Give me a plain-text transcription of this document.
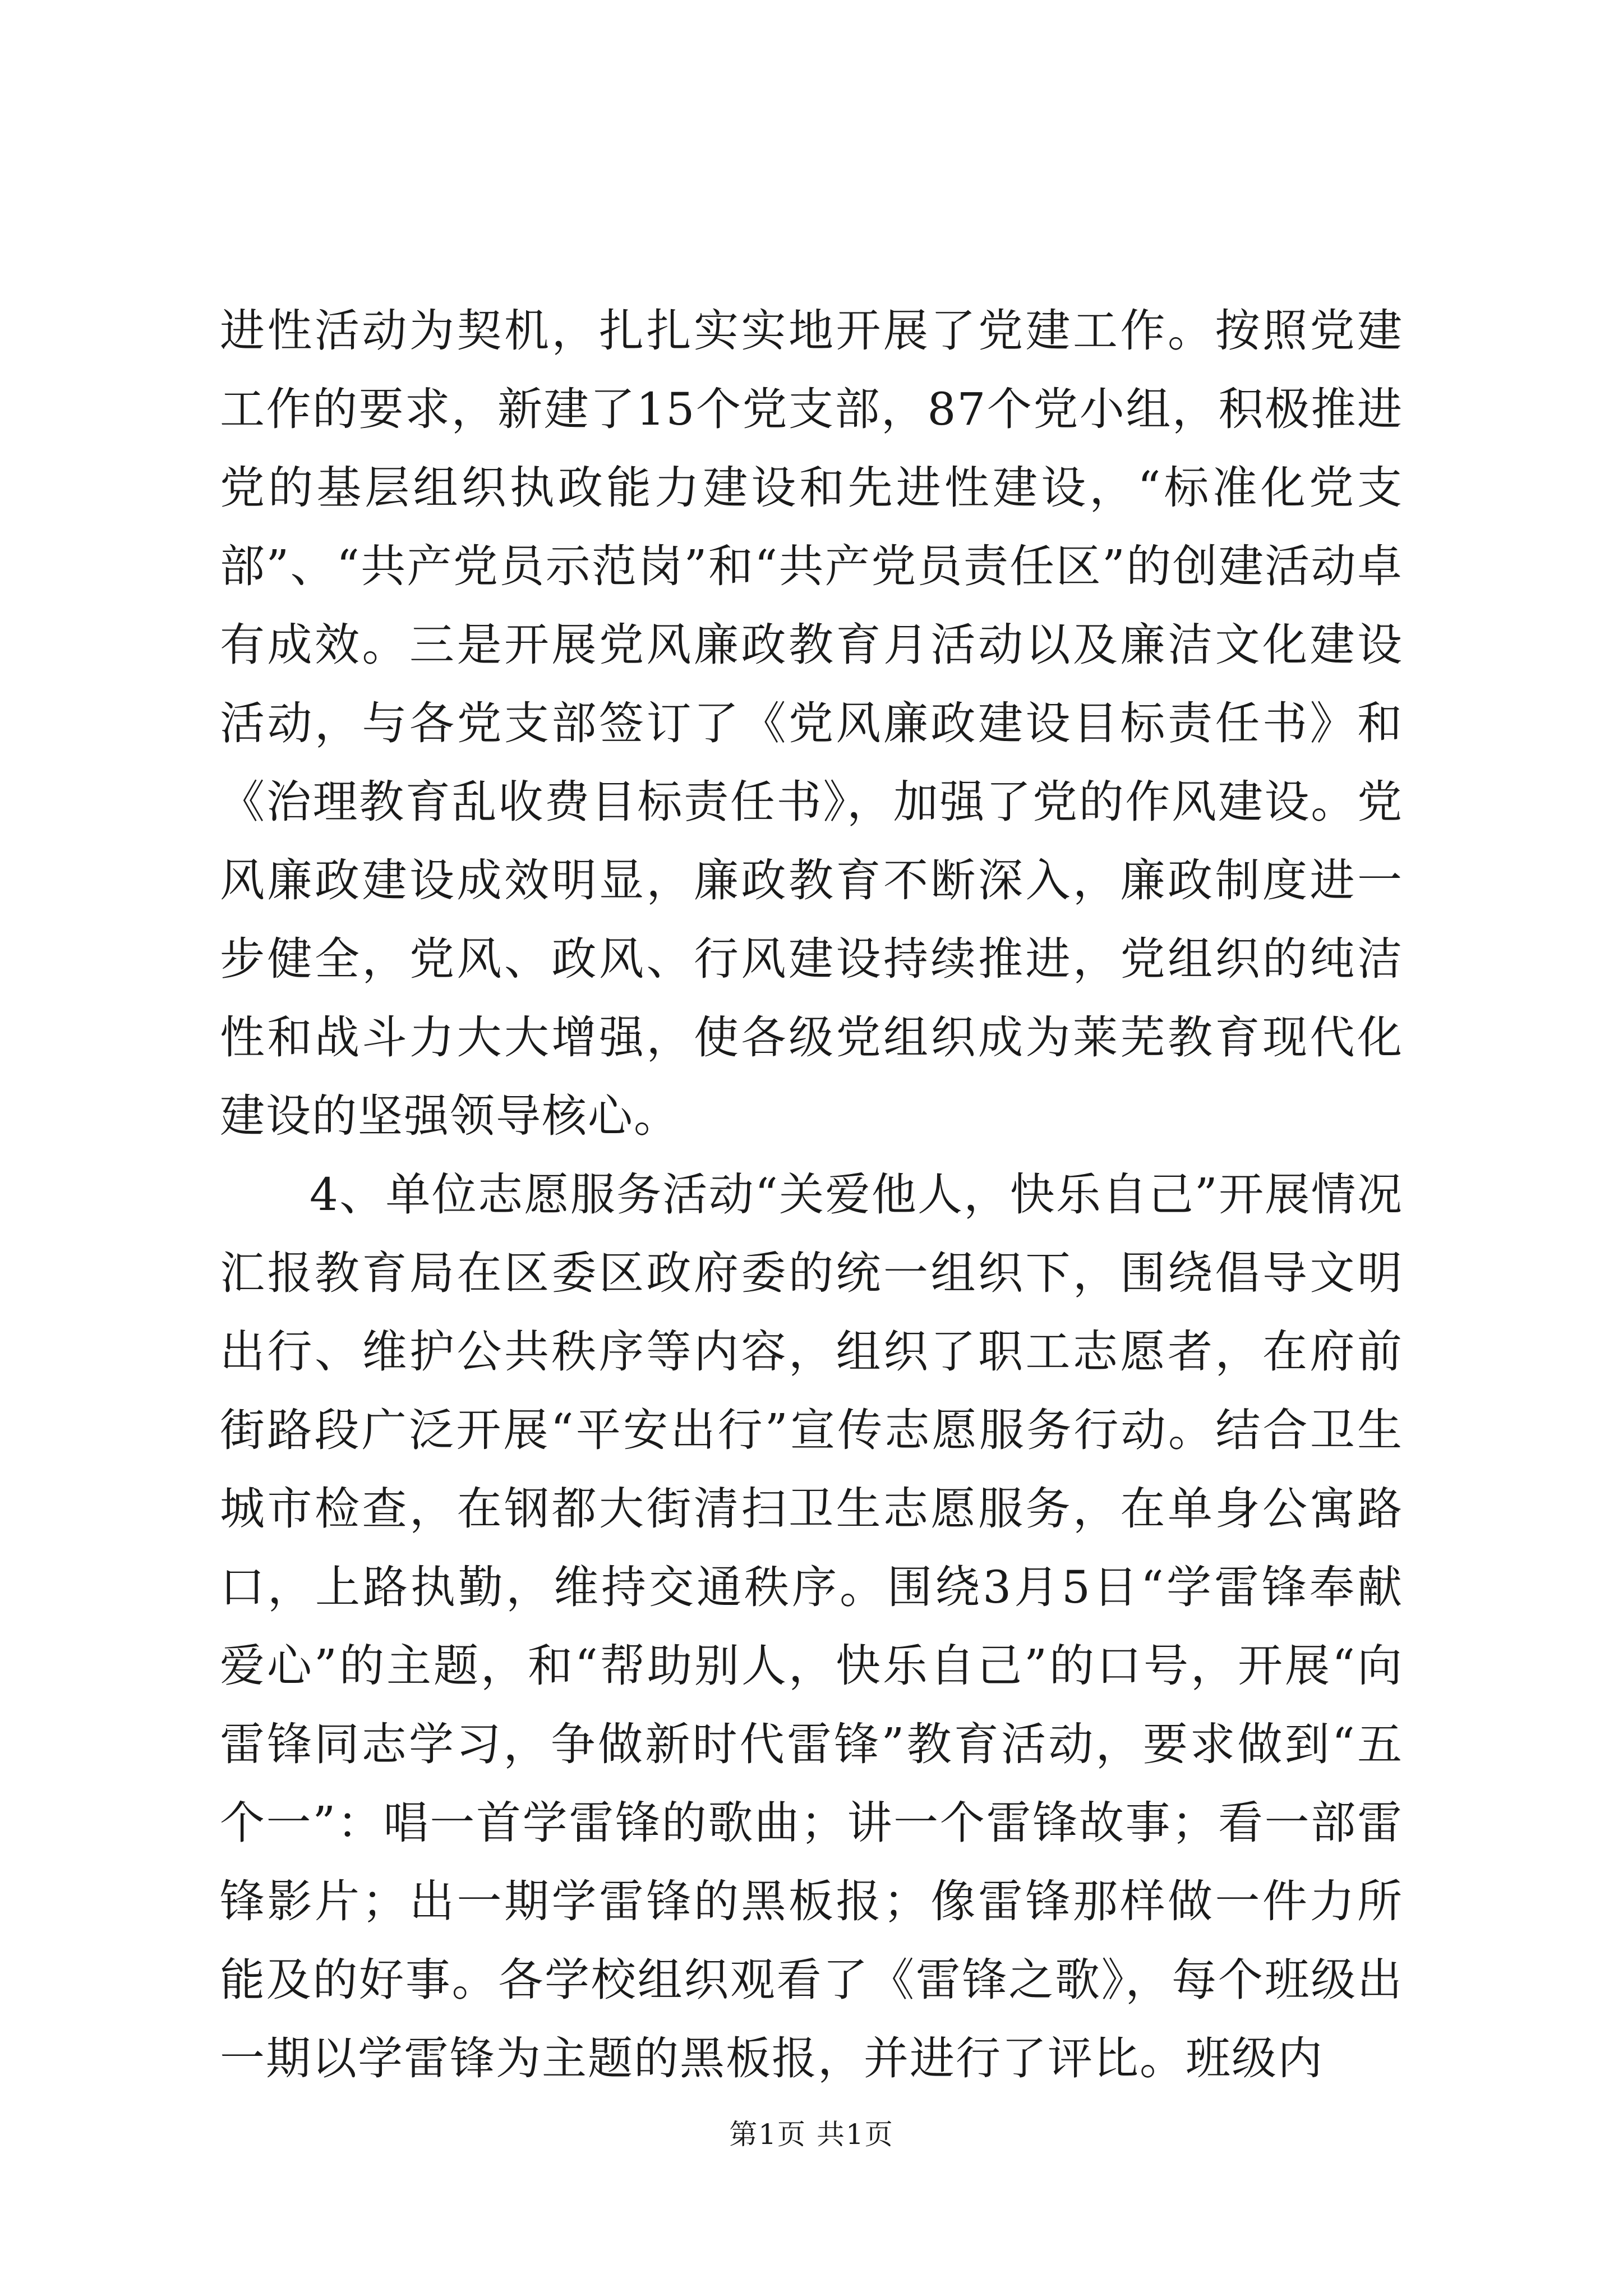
进性活动为契机，扎扎实实地开展了党建工作。按照党建工作的要求，新建了15个党支部，87个党小组，积极推进党的基层组织执政能力建设和先进性建设，“标准化党支部”、“共产党员示范岗”和“共产党员责任区”的创建活动卓有成效。三是开展党风廉政教育月活动以及廉洁文化建设活动，与各党支部签订了《党风廉政建设目标责任书》和《治理教育乱收费目标责任书》，加强了党的作风建设。党风廉政建设成效明显，廉政教育不断深入，廉政制度进一步健全，党风、政风、行风建设持续推进，党组织的纯洁性和战斗力大大增强，使各级党组织成为莱芜教育现代化建设的坚强领导核心。

4、单位志愿服务活动“关爱他人，快乐自己”开展情况汇报教育局在区委区政府委的统一组织下，围绕倡导文明出行、维护公共秩序等内容，组织了职工志愿者，在府前街路段广泛开展“平安出行”宣传志愿服务行动。结合卫生城市检查，在钢都大街清扫卫生志愿服务，在单身公寓路口，上路执勤，维持交通秩序。围绕3月5日“学雷锋奉献爱心”的主题，和“帮助别人，快乐自己”的口号，开展“向雷锋同志学习，争做新时代雷锋”教育活动，要求做到“五个一”：唱一首学雷锋的歌曲；讲一个雷锋故事；看一部雷锋影片；出一期学雷锋的黑板报；像雷锋那样做一件力所能及的好事。各学校组织观看了《雷锋之歌》，每个班级出一期以学雷锋为主题的黑板报，并进行了评比。班级内

第1页 共1页
